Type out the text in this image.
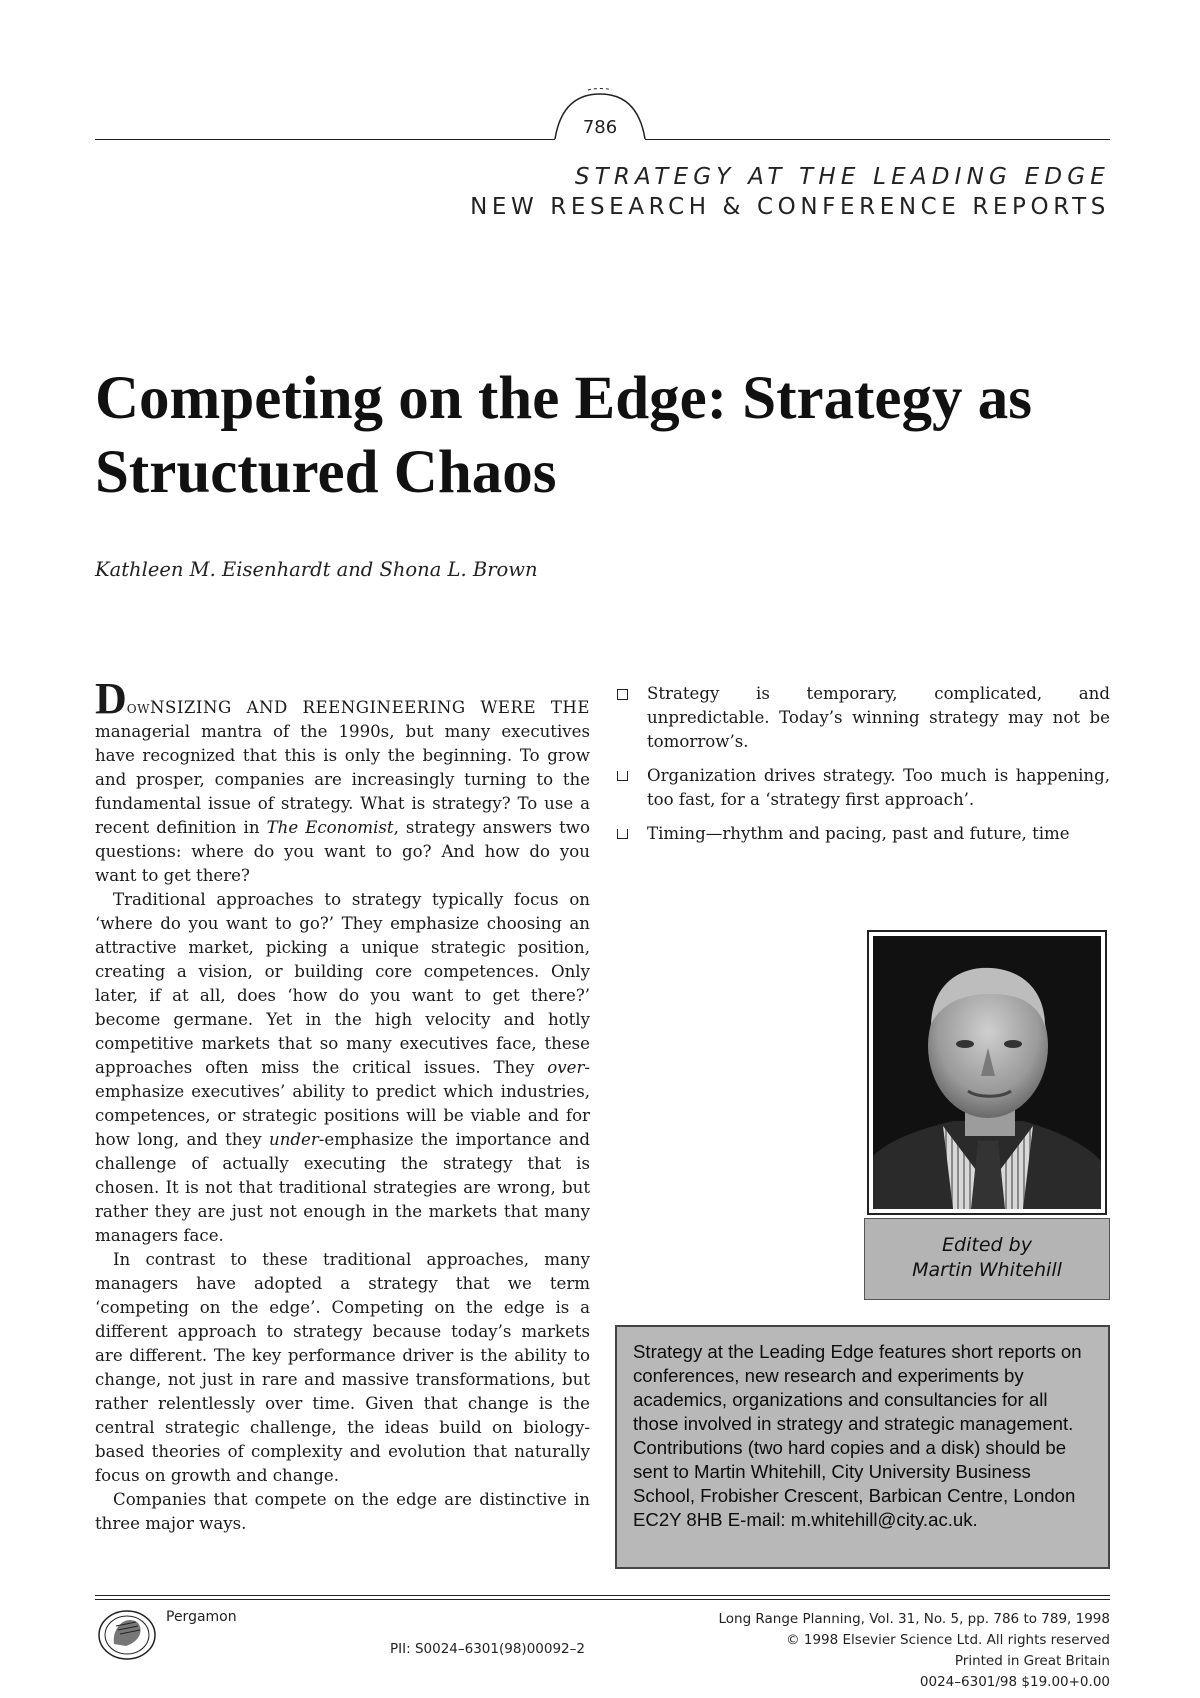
786
STRATEGY AT THE LEADING EDGE
NEW RESEARCH & CONFERENCE REPORTS
Competing on the Edge: Strategy as Structured Chaos
Kathleen M. Eisenhardt and Shona L. Brown

DowNSIZING AND REENGINEERING WERE THE managerial mantra of the 1990s, but many executives have recognized that this is only the beginning. To grow and prosper, companies are increasingly turning to the fundamental issue of strategy. What is strategy? To use a recent definition in The Economist, strategy answers two questions: where do you want to go? And how do you want to get there?

Traditional approaches to strategy typically focus on ‘where do you want to go?’ They emphasize choosing an attractive market, picking a unique strategic position, creating a vision, or building core competences. Only later, if at all, does ‘how do you want to get there?’ become germane. Yet in the high velocity and hotly competitive markets that so many executives face, these approaches often miss the critical issues. They over-emphasize executives’ ability to predict which industries, competences, or strategic positions will be viable and for how long, and they under-emphasize the importance and challenge of actually executing the strategy that is chosen. It is not that traditional strategies are wrong, but rather they are just not enough in the markets that many managers face.

In contrast to these traditional approaches, many managers have adopted a strategy that we term ‘competing on the edge’. Competing on the edge is a different approach to strategy because today’s markets are different. The key performance driver is the ability to change, not just in rare and massive transformations, but rather relentlessly over time. Given that change is the central strategic challenge, the ideas build on biology-based theories of complexity and evolution that naturally focus on growth and change.

Companies that compete on the edge are distinctive in three major ways.

Strategy is temporary, complicated, and unpredictable. Today’s winning strategy may not be tomorrow’s.
Organization drives strategy. Too much is happening, too fast, for a ‘strategy first approach’.
Timing—rhythm and pacing, past and future, time
Edited by
Martin Whitehill
Strategy at the Leading Edge features short reports on conferences, new research and experiments by academics, organizations and consultancies for all those involved in strategy and strategic management. Contributions (two hard copies and a disk) should be sent to Martin Whitehill, City University Business School, Frobisher Crescent, Barbican Centre, London EC2Y 8HB E-mail: m.whitehill@city.ac.uk.
Pergamon
PII: S0024–6301(98)00092–2
Long Range Planning, Vol. 31, No. 5, pp. 786 to 789, 1998
© 1998 Elsevier Science Ltd. All rights reserved
Printed in Great Britain
0024–6301/98 $19.00+0.00
